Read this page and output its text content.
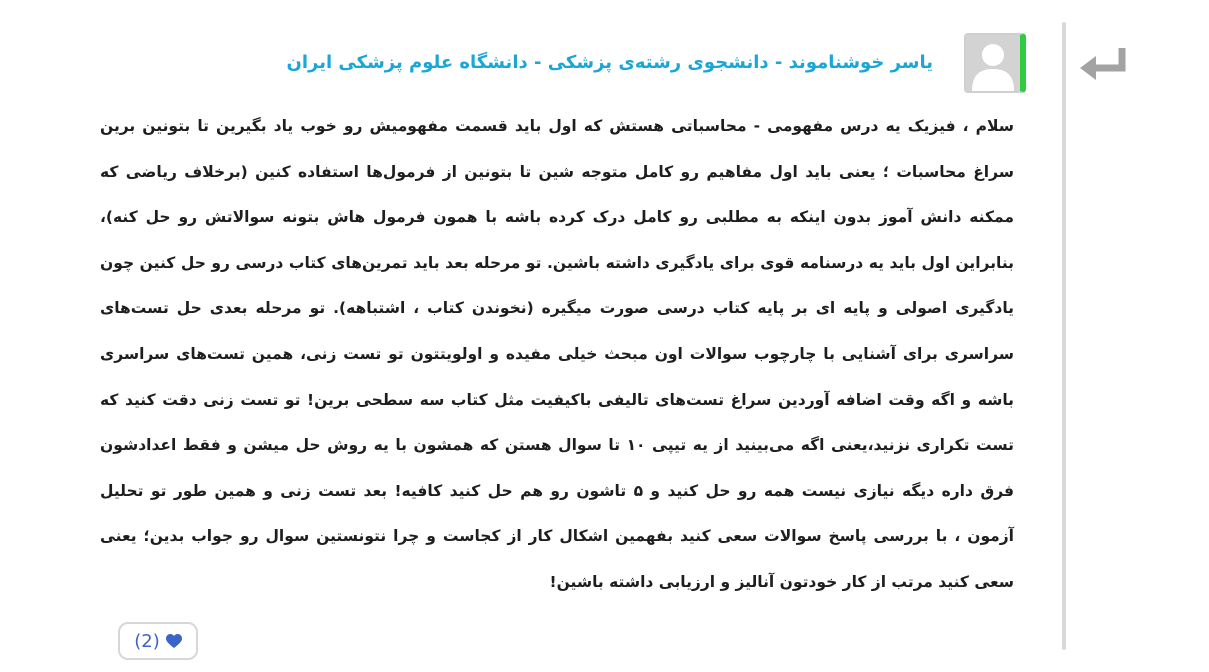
یاسر خوشناموند - دانشجوی رشته‌ی پزشکی - دانشگاه علوم پزشکی ایران
سلام ، فیزیک یه درس مفهومی - محاسباتی هستش که اول باید قسمت مفهومیش رو خوب یاد بگیرین تا بتونین برین سراغ محاسبات ؛ یعنی باید اول مفاهیم رو کامل متوجه شین تا بتونین از فرمول‌ها استفاده کنین (برخلاف ریاضی که ممکنه دانش آموز بدون اینکه به مطلبی رو کامل درک کرده باشه با همون فرمول هاش بتونه سوالاتش رو حل کنه)، بنابراین اول باید یه درسنامه قوی برای یادگیری داشته باشین. تو مرحله بعد باید تمرین‌های کتاب درسی رو حل کنین چون یادگیری اصولی و پایه ای بر پایه کتاب درسی صورت میگیره (نخوندن کتاب ، اشتباهه). تو مرحله بعدی حل تست‌های سراسری برای آشنایی با چارچوب سوالات اون مبحث خیلی مفیده و اولویتتون تو تست زنی، همین تست‌های سراسری باشه و اگه وقت اضافه آوردین سراغ تست‌های تالیفی باکیفیت مثل کتاب سه سطحی برین! تو تست زنی دقت کنید که تست تکراری نزنید،یعنی اگه می‌بینید از یه تیپی ۱۰ تا سوال هستن که همشون با یه روش حل میشن و فقط اعدادشون فرق داره دیگه نیازی نیست همه رو حل کنید و ۵ تاشون رو هم حل کنید کافیه! بعد تست زنی و همین طور تو تحلیل آزمون ، با بررسی پاسخ سوالات سعی کنید بفهمین اشکال کار از کجاست و چرا نتونستین سوال رو جواب بدین؛ یعنی سعی کنید مرتب از کار خودتون آنالیز و ارزیابی داشته باشین!
(2)
